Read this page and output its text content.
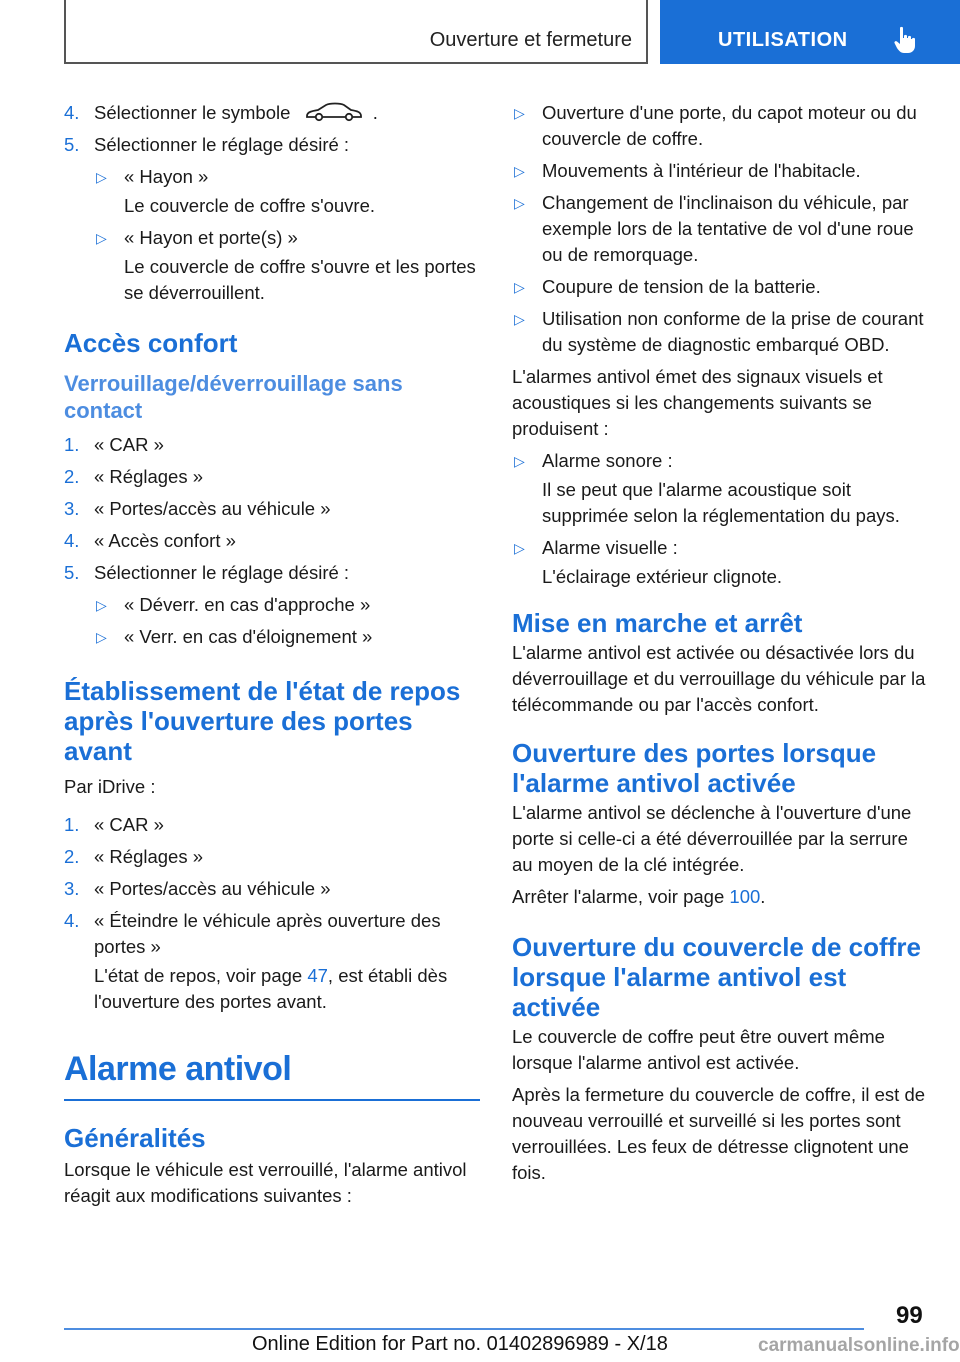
Ouverture et fermeture	UTILISATION
4. Sélectionner le symbole	.
5. Sélectionner le réglage désiré :
▷ « Hayon »

Le couvercle de coffre s'ouvre.

▷ « Hayon et porte(s) »

Le couvercle de coffre s'ouvre et les portes se déverrouillent.

Accès confort
Verrouillage/déverrouillage sans contact
1. « CAR »
2. « Réglages »
3. « Portes/accès au véhicule »
4. « Accès confort »
5. Sélectionner le réglage désiré :
▷ « Déverr. en cas d'approche »
▷ « Verr. en cas d'éloignement »
Établissement de l'état de repos après l'ouverture des portes avant

Par iDrive :

1. « CAR »
2. « Réglages »
3. « Portes/accès au véhicule »
4. « Éteindre le véhicule après ouverture des portes »

L'état de repos, voir page 47, est établi dès l'ouverture des portes avant.

Alarme antivol
Généralités

Lorsque le véhicule est verrouillé, l'alarme antivol réagit aux modifications suivantes :

▷ Ouverture d'une porte, du capot moteur ou du couvercle de coffre.
▷ Mouvements à l'intérieur de l'habitacle.
▷ Changement de l'inclinaison du véhicule, par exemple lors de la tentative de vol d'une roue ou de remorquage.
▷ Coupure de tension de la batterie.
▷ Utilisation non conforme de la prise de courant du système de diagnostic embarqué OBD.

L'alarmes antivol émet des signaux visuels et acoustiques si les changements suivants se produisent :

▷ Alarme sonore :

Il se peut que l'alarme acoustique soit supprimée selon la réglementation du pays.

▷ Alarme visuelle :

L'éclairage extérieur clignote.

Mise en marche et arrêt

L'alarme antivol est activée ou désactivée lors du déverrouillage et du verrouillage du véhicule par la télécommande ou par l'accès confort.

Ouverture des portes lorsque l'alarme antivol activée

L'alarme antivol se déclenche à l'ouverture d'une porte si celle-ci a été déverrouillée par la serrure au moyen de la clé intégrée.

Arrêter l'alarme, voir page 100.

Ouverture du couvercle de coffre lorsque l'alarme antivol est activée

Le couvercle de coffre peut être ouvert même lorsque l'alarme antivol est activée.

Après la fermeture du couvercle de coffre, il est de nouveau verrouillé et surveillé si les portes sont verrouillées. Les feux de détresse clignotent une fois.

99
Online Edition for Part no. 01402896989 - X/18	carmanualsonline.info
